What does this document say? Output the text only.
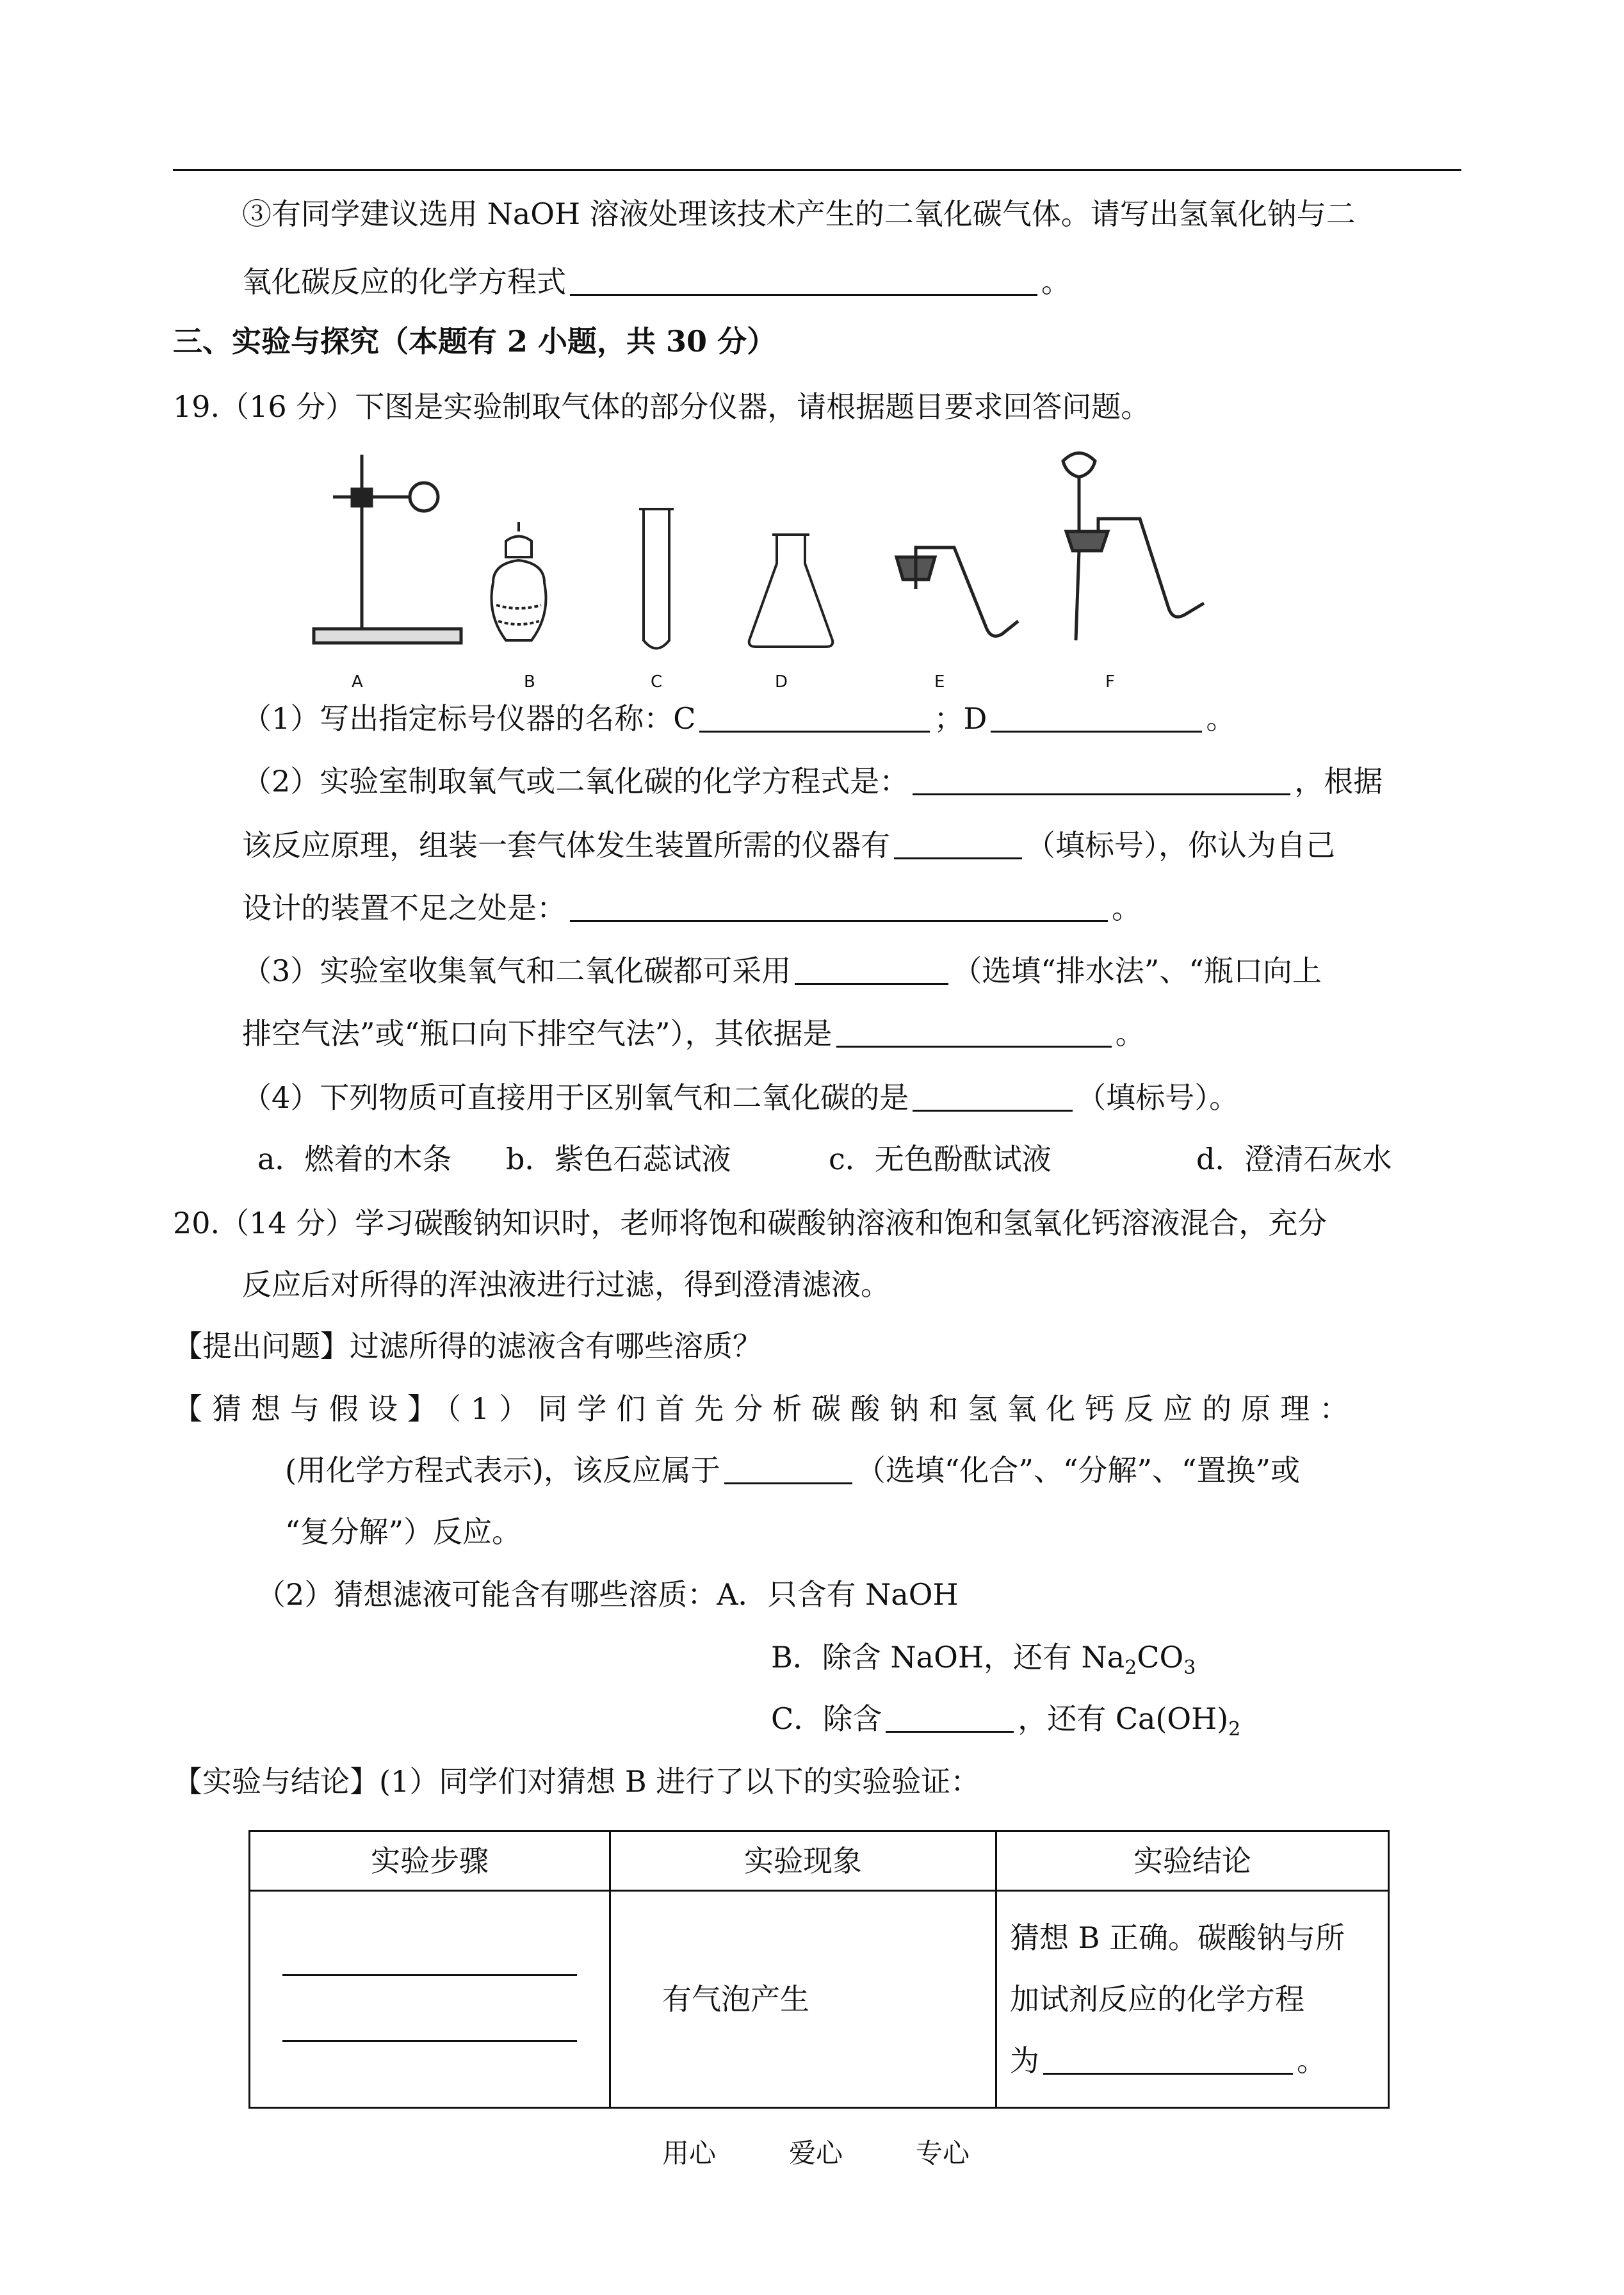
③有同学建议选用 NaOH 溶液处理该技术产生的二氧化碳气体。请写出氢氧化钠与二
氧化碳反应的化学方程式	。
三、实验与探究（本题有 2 小题，共 30 分）
19.（16 分）下图是实验制取气体的部分仪器，请根据题目要求回答问题。
A	B	C	D	E	F
（1）写出指定标号仪器的名称：C	；D	。
（2）实验室制取氧气或二氧化碳的化学方程式是：	，根据
该反应原理，组装一套气体发生装置所需的仪器有	（填标号），你认为自己
设计的装置不足之处是：	。
（3）实验室收集氧气和二氧化碳都可采用	（选填“排水法”、“瓶口向上
排空气法”或“瓶口向下排空气法”），其依据是	。
（4）下列物质可直接用于区别氧气和二氧化碳的是	（填标号）。
a．燃着的木条 b．紫色石蕊试液	c．无色酚酞试液	d．澄清石灰水
20.（14 分）学习碳酸钠知识时，老师将饱和碳酸钠溶液和饱和氢氧化钙溶液混合，充分
反应后对所得的浑浊液进行过滤，得到澄清滤液。
【提出问题】过滤所得的滤液含有哪些溶质？
【猜想与假设】（1）同学们首先分析碳酸钠和氢氧化钙反应的原理：
(用化学方程式表示)，该反应属于	（选填“化合”、“分解”、“置换”或
“复分解”）反应。
（2）猜想滤液可能含有哪些溶质：A．只含有 NaOH
B．除含 NaOH，还有 $Na_2CO_3$
C．除含	，还有 $Ca(OH)_2$
【实验与结论】(1）同学们对猜想 B 进行了以下的实验验证：
实验步骤	实验现象	实验结论

	有气泡产生	猜想 B 正确。碳酸钠与所
加试剂反应的化学方程
为 。
用心	爱心	专心
